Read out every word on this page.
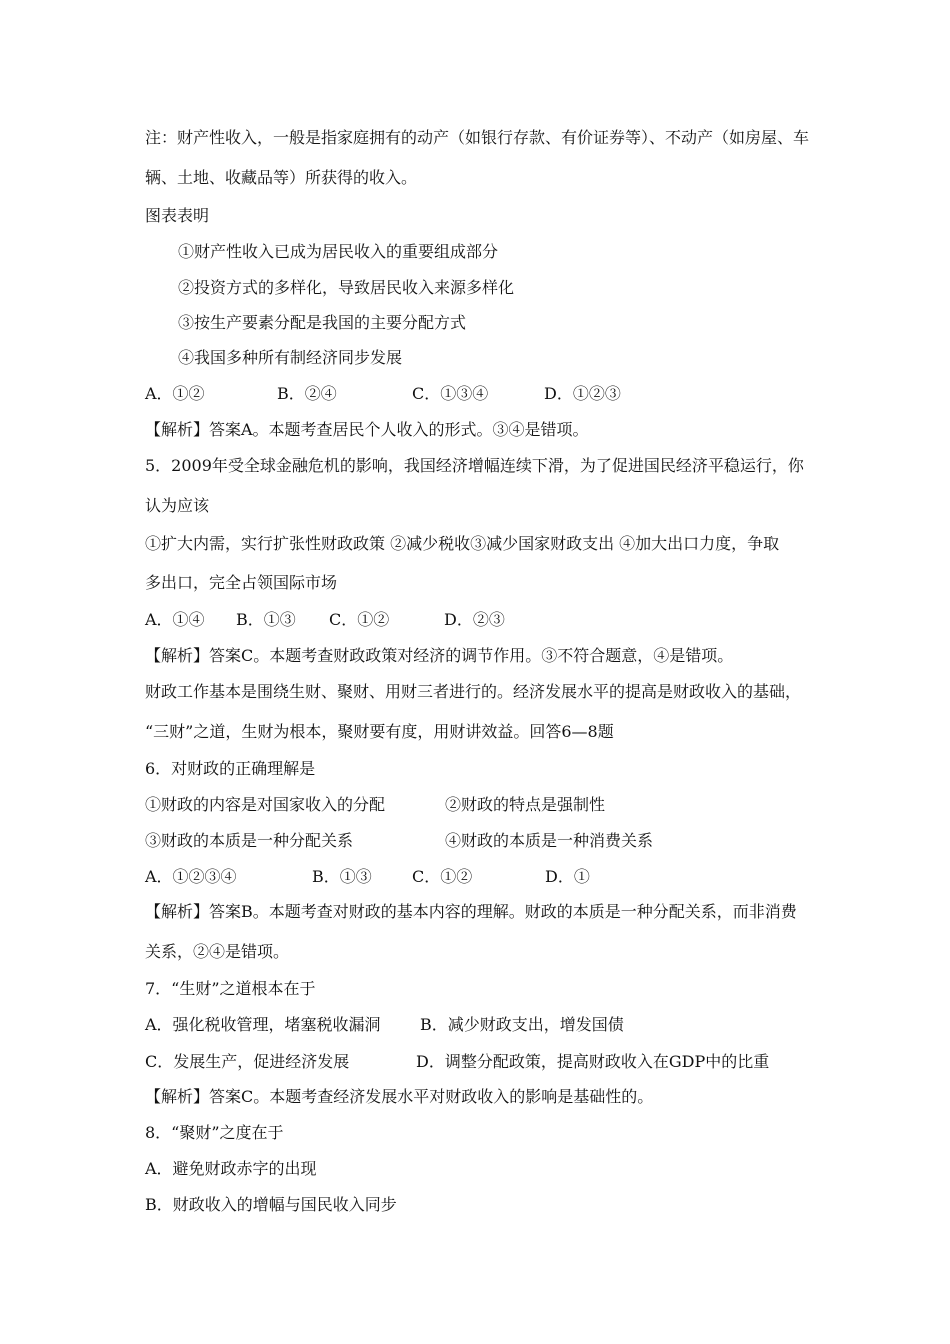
注：财产性收入，一般是指家庭拥有的动产（如银行存款、有价证券等）、不动产（如房屋、车
辆、土地、收藏品等）所获得的收入。
图表表明
①财产性收入已成为居民收入的重要组成部分
②投资方式的多样化，导致居民收入来源多样化
③按生产要素分配是我国的主要分配方式
④我国多种所有制经济同步发展
A．①②	B．②④	C．①③④	D．①②③
【解析】答案A。本题考查居民个人收入的形式。③④是错项。
5．2009年受全球金融危机的影响，我国经济增幅连续下滑，为了促进国民经济平稳运行，你
认为应该
①扩大内需，实行扩张性财政政策 ②减少税收③减少国家财政支出 ④加大出口力度，争取
多出口，完全占领国际市场
A．①④ B．①③ C．①②	D．②③
【解析】答案C。本题考查财政政策对经济的调节作用。③不符合题意，④是错项。
财政工作基本是围绕生财、聚财、用财三者进行的。经济发展水平的提高是财政收入的基础，
“三财”之道，生财为根本，聚财要有度，用财讲效益。回答6—8题
6．对财政的正确理解是
①财政的内容是对国家收入的分配	②财政的特点是强制性
③财政的本质是一种分配关系	④财政的本质是一种消费关系
A．①②③④	B．①③	C．①②	D．①
【解析】答案B。本题考查对财政的基本内容的理解。财政的本质是一种分配关系，而非消费
关系，②④是错项。
7．“生财”之道根本在于
A．强化税收管理，堵塞税收漏洞 B．减少财政支出，增发国债
C．发展生产，促进经济发展	D．调整分配政策，提高财政收入在GDP中的比重
【解析】答案C。本题考查经济发展水平对财政收入的影响是基础性的。
8．“聚财”之度在于
A．避免财政赤字的出现
B．财政收入的增幅与国民收入同步
